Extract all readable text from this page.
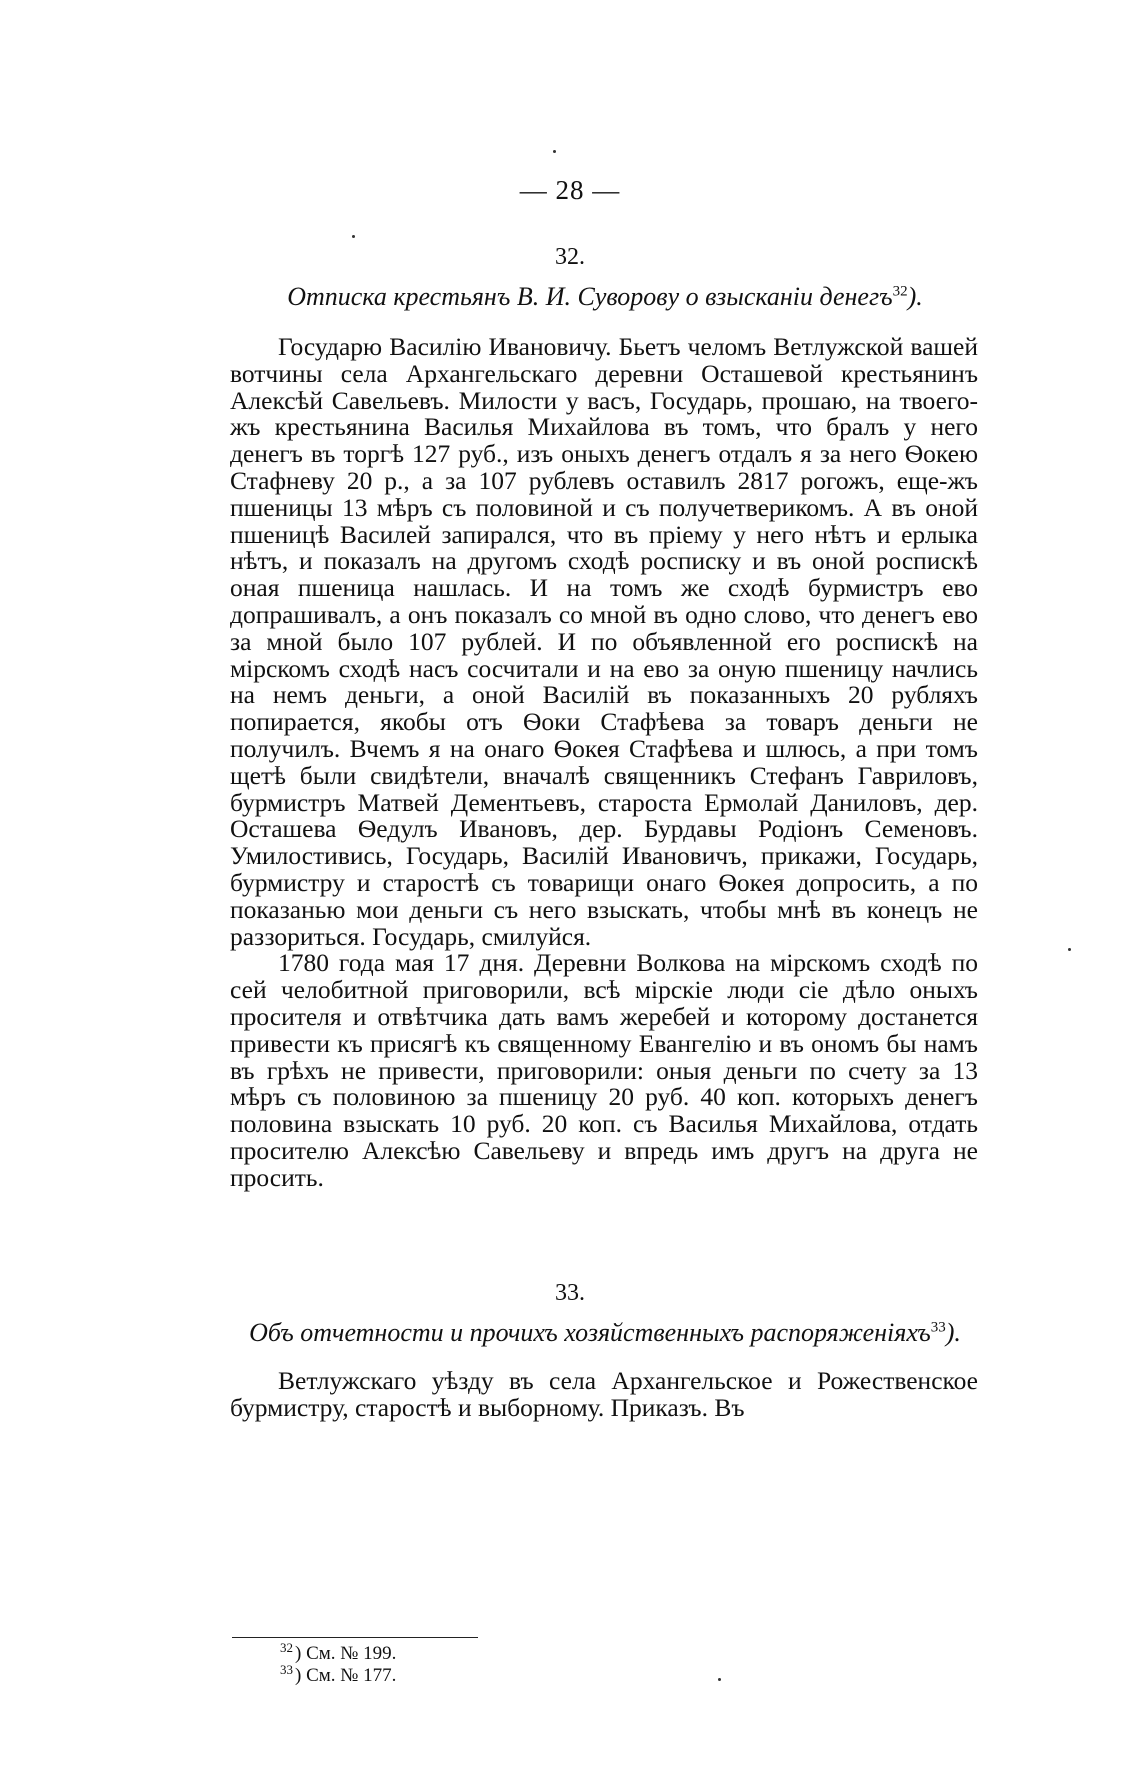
— 28 —
32.
Отписка крестьянъ В. И. Суворову о взысканіи денегъ$^{32}$).

Государю Василію Ивановичу. Бьетъ челомъ Ветлужской вашей вотчины села Архангельскаго деревни Осташевой крестьянинъ Алексѣй Савельевъ. Милости у васъ, Государь, прошаю, на твоего-жъ крестьянина Василья Михайлова въ томъ, что бралъ у него денегъ въ торгѣ 127 руб., изъ оныхъ денегъ отдалъ я за него Ѳокею Стафневу 20 р., а за 107 рублевъ оставилъ 2817 рогожъ, еще-жъ пшеницы 13 мѣръ съ половиной и съ получетверикомъ. А въ оной пшеницѣ Василей запирался, что въ пріему у него нѣтъ и ерлыка нѣтъ, и показалъ на другомъ сходѣ росписку и въ оной роспискѣ оная пшеница нашлась. И на томъ же сходѣ бурмистръ ево допрашивалъ, а онъ показалъ со мной въ одно слово, что денегъ ево за мной было 107 рублей. И по объявленной его роспискѣ на мірскомъ сходѣ насъ сосчитали и на ево за оную пшеницу начлись на немъ деньги, а оной Василій въ показанныхъ 20 рубляхъ попирается, якобы отъ Ѳоки Стафѣева за товаръ деньги не получилъ. Вчемъ я на онаго Ѳокея Стафѣева и шлюсь, а при томъ щетѣ были свидѣтели, вначалѣ священникъ Стефанъ Гавриловъ, бурмистръ Матвей Дементьевъ, староста Ермолай Даниловъ, дер. Осташева Ѳедулъ Ивановъ, дер. Бурдавы Родіонъ Семеновъ. Умилостивись, Государь, Василій Ивановичъ, прикажи, Государь, бурмистру и старостѣ съ товарищи онаго Ѳокея допросить, а по показанью мои деньги съ него взыскать, чтобы мнѣ въ конецъ не раззориться. Государь, смилуйся.

1780 года мая 17 дня. Деревни Волкова на мірскомъ сходѣ по сей челобитной приговорили, всѣ мірскіе люди сіе дѣло оныхъ просителя и отвѣтчика дать вамъ жеребей и которому достанется привести къ присягѣ къ священному Евангелію и въ ономъ бы намъ въ грѣхъ не привести, приговорили: оныя деньги по счету за 13 мѣръ съ половиною за пшеницу 20 руб. 40 коп. которыхъ денегъ половина взыскать 10 руб. 20 коп. съ Василья Михайлова, отдать просителю Алексѣю Савельеву и впредь имъ другъ на друга не просить.

33.
Объ отчетности и прочихъ хозяйственныхъ распоряженіяхъ$^{33}$).

Ветлужскаго уѣзду въ села Архангельское и Рожественское бурмистру, старостѣ и выборному. Приказъ. Въ

$^{32}$ ) См. № 199.
$^{33}$ ) См. № 177.
